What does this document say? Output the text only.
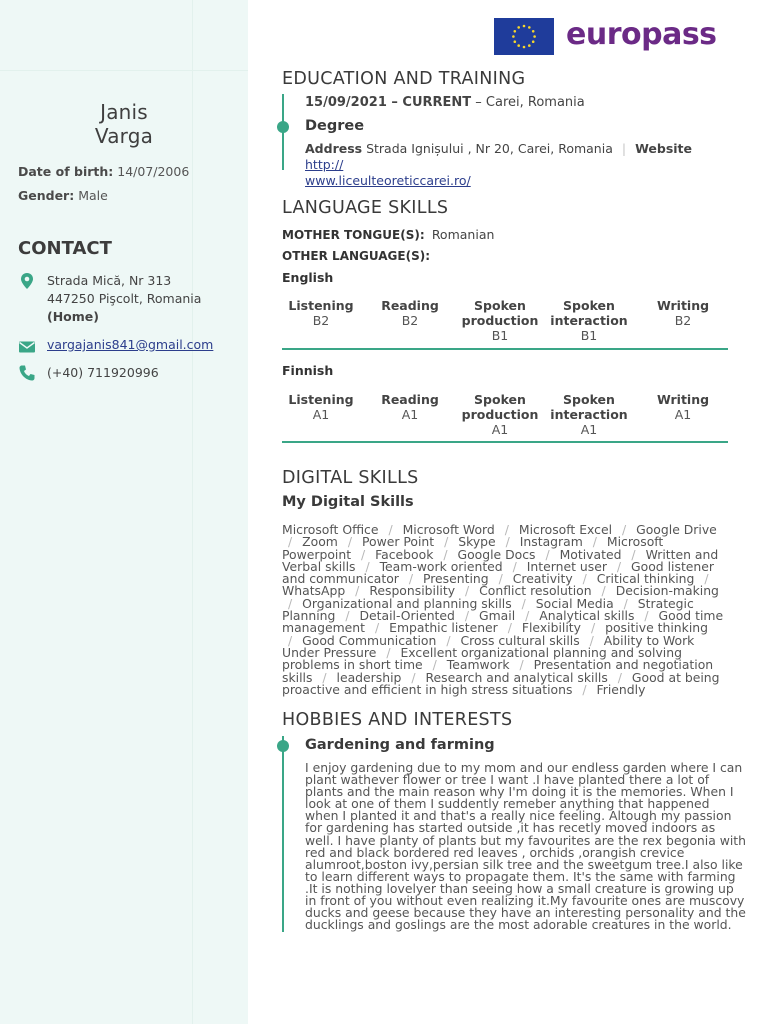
Janis
Varga
Date of birth: 14/07/2006
Gender: Male
CONTACT
Strada Mică, Nr 313
447250 Pişcolt, Romania
(Home)
vargajanis841@gmail.com
(+40) 711920996
europass
EDUCATION AND TRAINING
15/09/2021 – CURRENT – Carei, Romania
Degree
Address Strada Ignișului , Nr 20, Carei, Romania | Website http://
www.liceulteoreticcarei.ro/
LANGUAGE SKILLS
MOTHER TONGUE(S): Romanian
OTHER LANGUAGE(S):
English
Listening
B2
Reading
B2
Spoken
production
B1
Spoken
interaction
B1
Writing
B2
Finnish
Listening
A1
Reading
A1
Spoken
production
A1
Spoken
interaction
A1
Writing
A1
DIGITAL SKILLS
My Digital Skills
Microsoft Office / Microsoft Word / Microsoft Excel / Google Drive / Zoom / Power Point / Skype / Instagram / Microsoft Powerpoint / Facebook / Google Docs / Motivated / Written and Verbal skills / Team-work oriented / Internet user / Good listener and communicator / Presenting / Creativity / Critical thinking / WhatsApp / Responsibility / Conflict resolution / Decision-making / Organizational and planning skills / Social Media / Strategic Planning / Detail-Oriented / Gmail / Analytical skills / Good time management / Empathic listener / Flexibility / positive thinking / Good Communication / Cross cultural skills / Ability to Work Under Pressure / Excellent organizational planning and solving problems in short time / Teamwork / Presentation and negotiation skills / leadership / Research and analytical skills / Good at being proactive and efficient in high stress situations / Friendly
HOBBIES AND INTERESTS
Gardening and farming
I enjoy gardening due to my mom and our endless garden where I can
plant wathever flower or tree I want .I have planted there a lot of
plants and the main reason why I'm doing it is the memories. When I
look at one of them I suddently remeber anything that happened
when I planted it and that's a really nice feeling. Altough my passion
for gardening has started outside ,it has recetly moved indoors as
well. I have planty of plants but my favourites are the rex begonia with
red and black bordered red leaves , orchids ,orangish crevice
alumroot,boston ivy,persian silk tree and the sweetgum tree.I also like
to learn different ways to propagate them. It's the same with farming
.It is nothing lovelyer than seeing how a small creature is growing up
in front of you without even realizing it.My favourite ones are muscovy
ducks and geese because they have an interesting personality and the
ducklings and goslings are the most adorable creatures in the world.
